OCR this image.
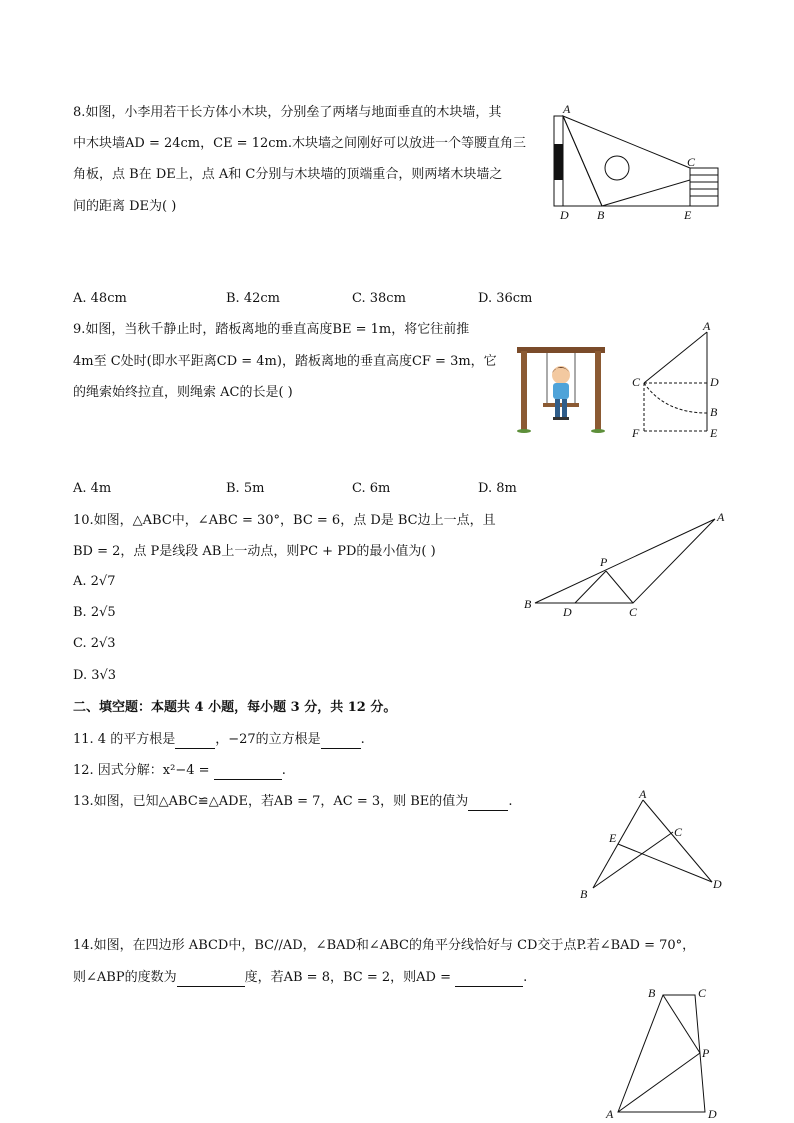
8.如图，小李用若干长方体小木块，分别垒了两堵与地面垂直的木块墙，其
中木块墙AD = 24cm，CE = 12cm.木块墙之间刚好可以放进一个等腰直角三
角板，点 B在 DE上，点 A和 C分别与木块墙的顶端重合，则两堵木块墙之
间的距离 DE为( )
A. 48cm	B. 42cm	C. 38cm	D. 36cm
A
C
D B	E
9.如图，当秋千静止时，踏板离地的垂直高度BE = 1m，将它往前推
4m至 C处时(即水平距离CD = 4m)，踏板离地的垂直高度CF = 3m，它
的绳索始终拉直，则绳索 AC的长是( )
A. 4m	B. 5m	C. 6m	D. 8m
A
C	D
B
F	E
10.如图，△ABC中，∠ABC = 30°，BC = 6，点 D是 BC边上一点，且
BD = 2，点 P是线段 AB上一动点，则PC + PD的最小值为( )
A. 2√7
B. 2√5
C. 2√3
D. 3√3
A
P
B
D	C
二、填空题：本题共 4 小题，每小题 3 分，共 12 分。
11. 4 的平方根是	，−27的立方根是	.
12. 因式分解：x²−4 =	.
13.如图，已知△ABC≌△ADE，若AB = 7，AC = 3，则 BE的值为	.	A
E	C
B
D
14.如图，在四边形 ABCD中，BC//AD，∠BAD和∠ABC的角平分线恰好与 CD交于点P.若∠BAD = 70°，
则∠ABP的度数为	度，若AB = 8，BC = 2，则AD =	.
B	C
P
A	D
